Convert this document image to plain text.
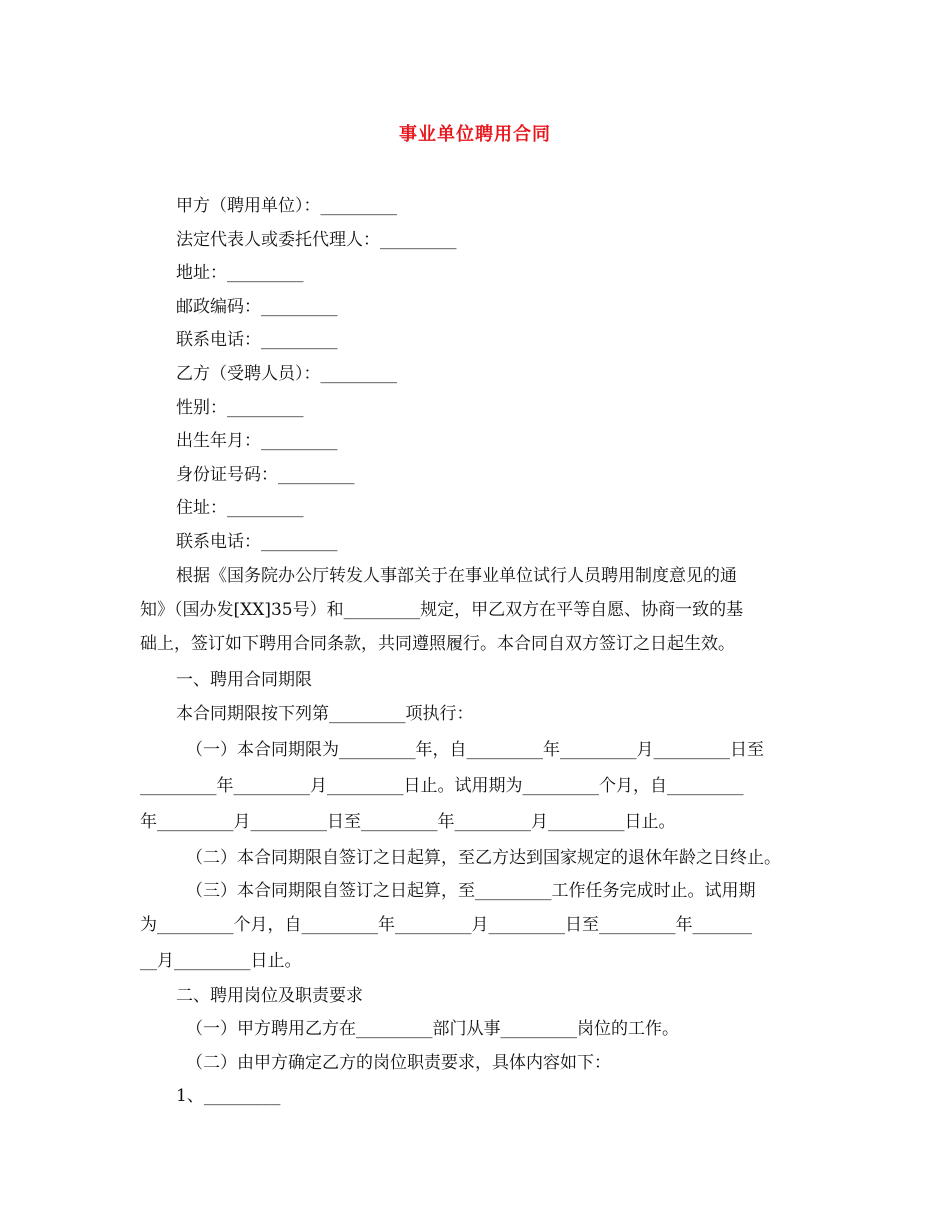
事业单位聘用合同
甲方（聘用单位）：_________
法定代表人或委托代理人：_________
地址：_________
邮政编码：_________
联系电话：_________
乙方（受聘人员）：_________
性别：_________
出生年月：_________
身份证号码：_________
住址：_________
联系电话：_________
根据《国务院办公厅转发人事部关于在事业单位试行人员聘用制度意见的通
知》（国办发[XX]35号）和_________规定，甲乙双方在平等自愿、协商一致的基
础上，签订如下聘用合同条款，共同遵照履行。本合同自双方签订之日起生效。
一、聘用合同期限
本合同期限按下列第_________项执行：
（一）本合同期限为_________年，自_________年_________月_________日至
_________年_________月_________日止。试用期为_________个月，自_________
年_________月_________日至_________年_________月_________日止。
（二）本合同期限自签订之日起算，至乙方达到国家规定的退休年龄之日终止。
（三）本合同期限自签订之日起算，至_________工作任务完成时止。试用期
为_________个月，自_________年_________月_________日至_________年_______
__月_________日止。
二、聘用岗位及职责要求
（一）甲方聘用乙方在_________部门从事_________岗位的工作。
（二）由甲方确定乙方的岗位职责要求，具体内容如下：
1、_________
